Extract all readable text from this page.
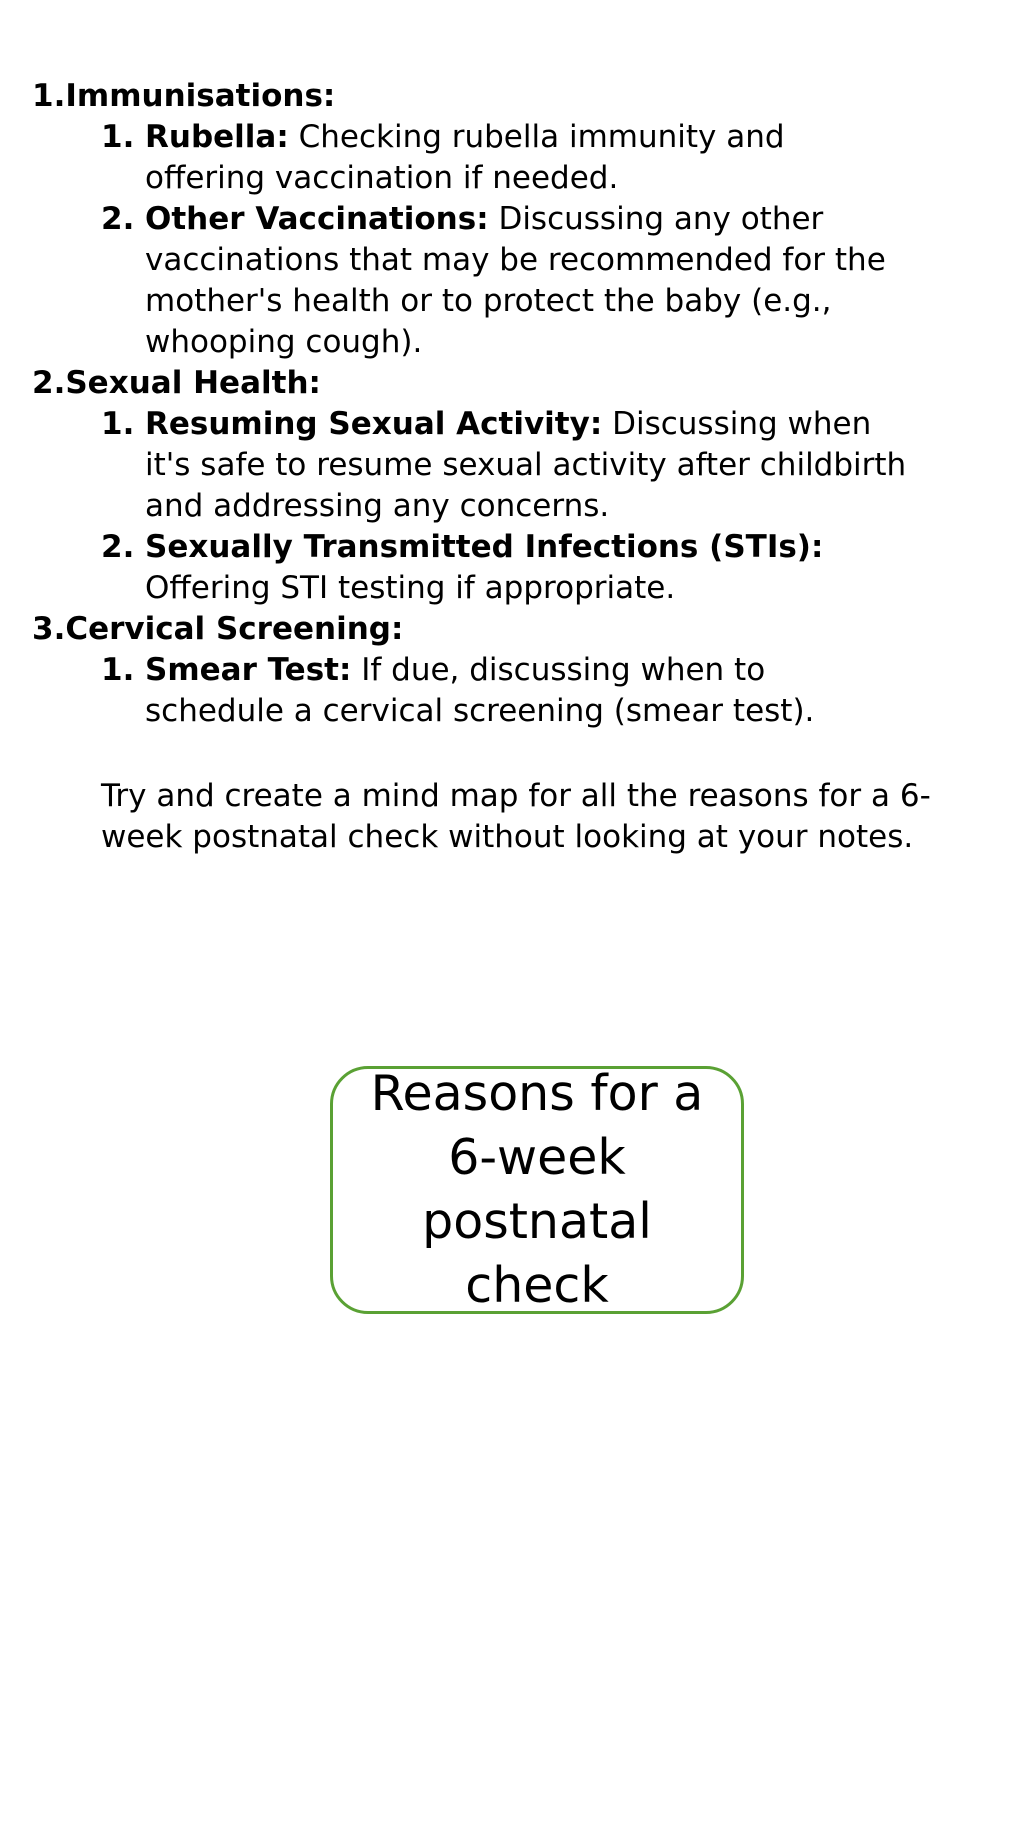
1.Immunisations:
1. Rubella: Checking rubella immunity and offering vaccination if needed.
2. Other Vaccinations: Discussing any other vaccinations that may be recommended for the mother's health or to protect the baby (e.g., whooping cough).
2.Sexual Health:
1. Resuming Sexual Activity: Discussing when it's safe to resume sexual activity after childbirth and addressing any concerns.
2. Sexually Transmitted Infections (STIs): Offering STI testing if appropriate.
3.Cervical Screening:
1. Smear Test: If due, discussing when to schedule a cervical screening (smear test).

Try and create a mind map for all the reasons for a 6-week postnatal check without looking at your notes.

Reasons for a 6-week postnatal check
